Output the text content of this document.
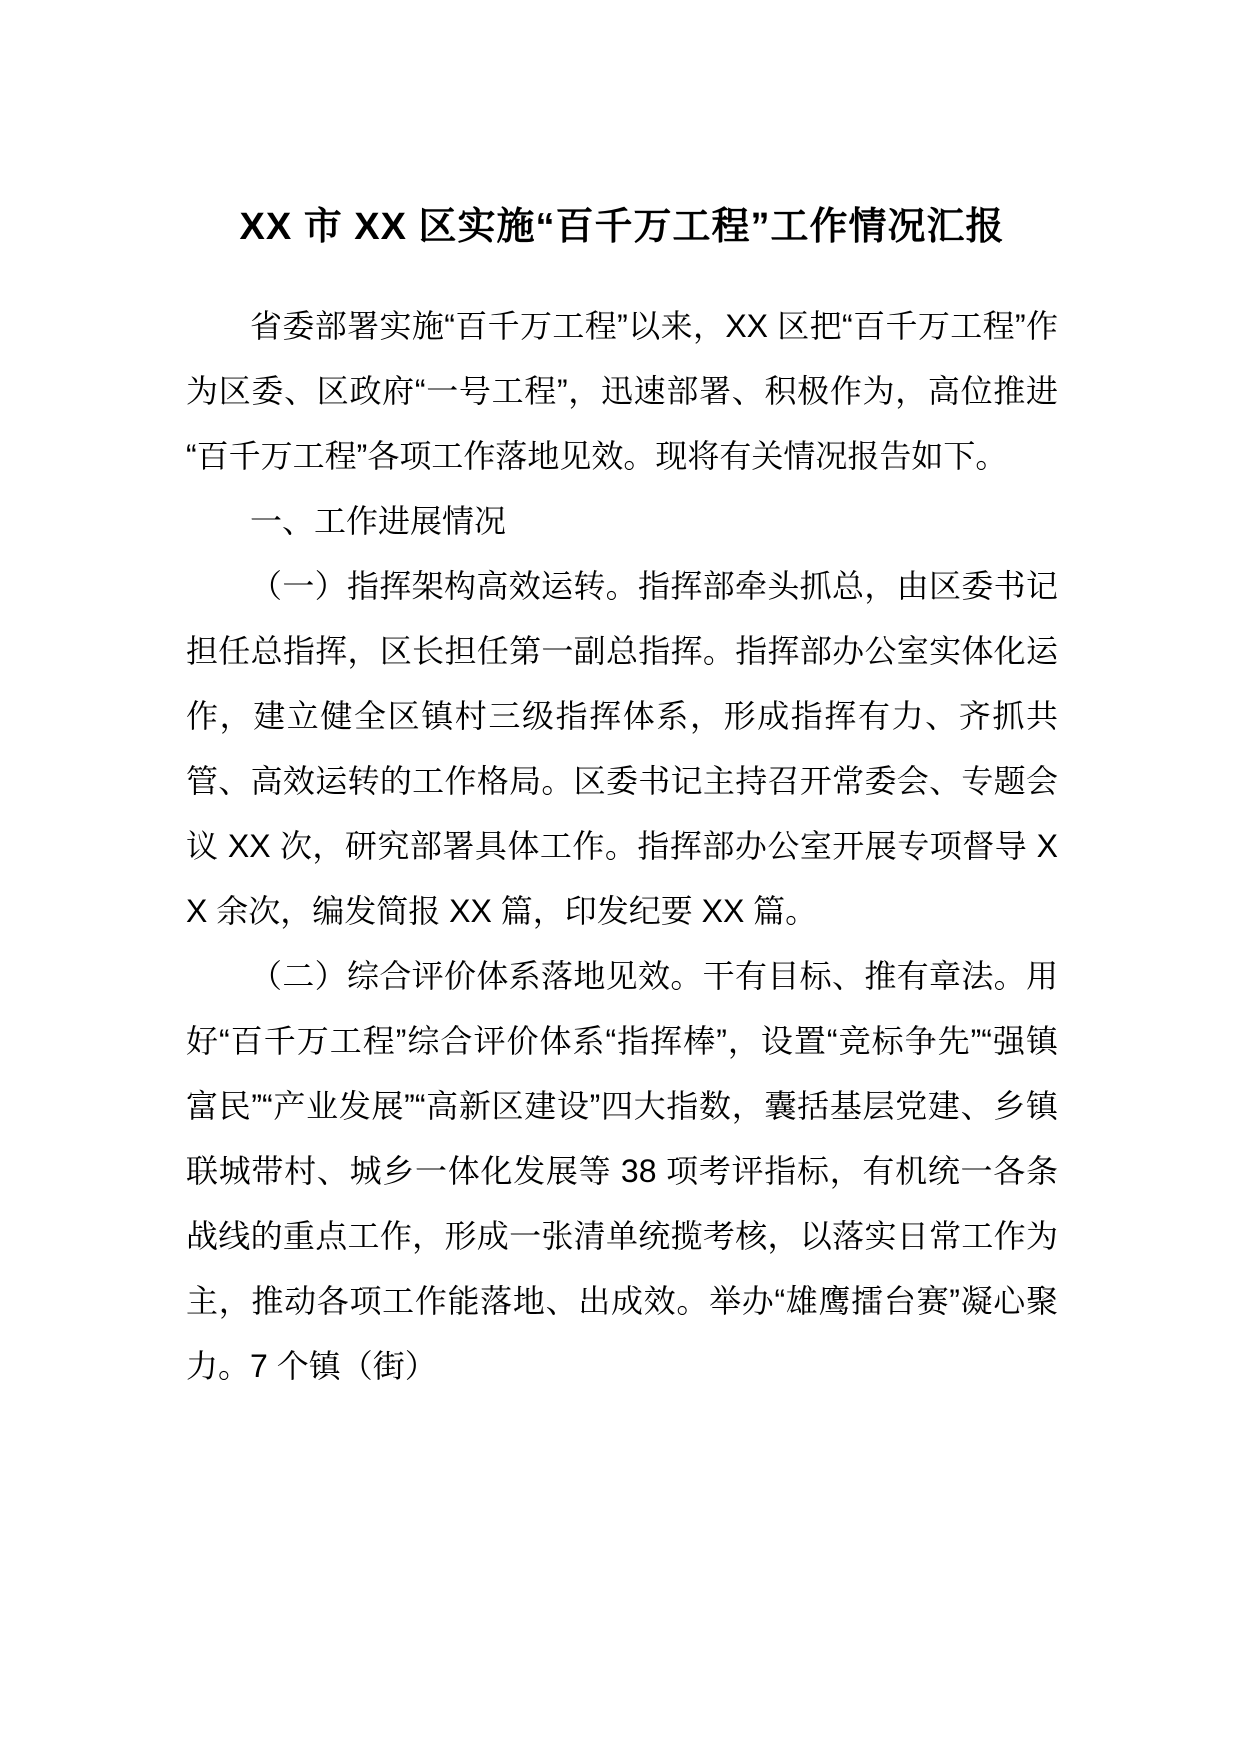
XX 市 XX 区实施“百千万工程”工作情况汇报

省委部署实施“百千万工程”以来，XX 区把“百千万工程”作为区委、区政府“一号工程”，迅速部署、积极作为，高位推进“百千万工程”各项工作落地见效。现将有关情况报告如下。

一、工作进展情况

（一）指挥架构高效运转。指挥部牵头抓总，由区委书记担任总指挥，区长担任第一副总指挥。指挥部办公室实体化运作，建立健全区镇村三级指挥体系，形成指挥有力、齐抓共管、高效运转的工作格局。区委书记主持召开常委会、专题会议 XX 次，研究部署具体工作。指挥部办公室开展专项督导 XX 余次，编发简报 XX 篇，印发纪要 XX 篇。

（二）综合评价体系落地见效。干有目标、推有章法。用好“百千万工程”综合评价体系“指挥棒”，设置“竞标争先”“强镇富民”“产业发展”“高新区建设”四大指数，囊括基层党建、乡镇联城带村、城乡一体化发展等 38 项考评指标，有机统一各条战线的重点工作，形成一张清单统揽考核，以落实日常工作为主，推动各项工作能落地、出成效。举办“雄鹰擂台赛”凝心聚力。7 个镇（街）
